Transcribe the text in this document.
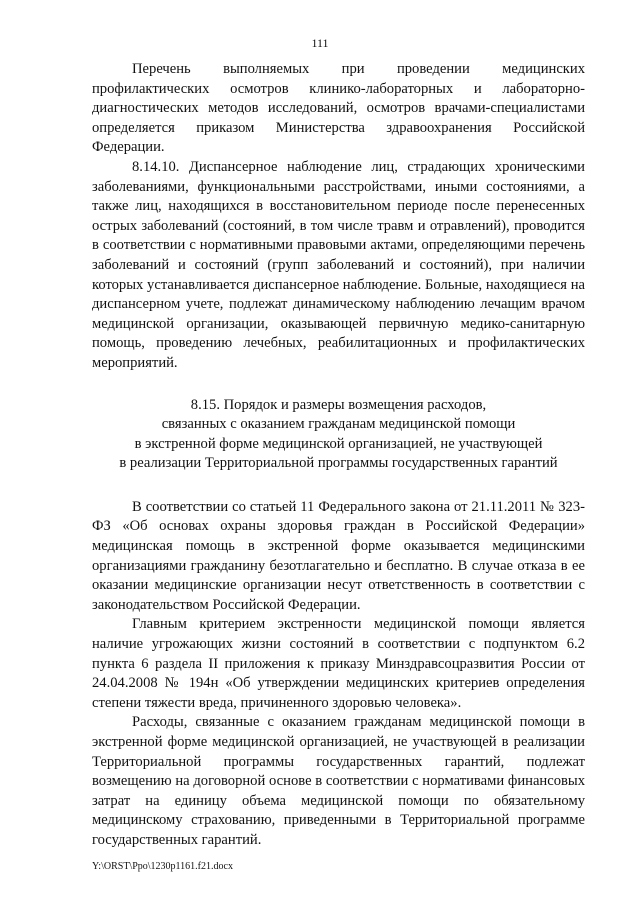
111

Перечень выполняемых при проведении медицинских профилактических осмотров клинико-лабораторных и лабораторно-диагностических методов исследований, осмотров врачами-специалистами определяется приказом Министерства здравоохранения Российской Федерации.

8.14.10. Диспансерное наблюдение лиц, страдающих хроническими заболеваниями, функциональными расстройствами, иными состояниями, а также лиц, находящихся в восстановительном периоде после перенесенных острых заболеваний (состояний, в том числе травм и отравлений), проводится в соответствии с нормативными правовыми актами, определяющими перечень заболеваний и состояний (групп заболеваний и состояний), при наличии которых устанавливается диспансерное наблюдение. Больные, находящиеся на диспансерном учете, подлежат динамическому наблюдению лечащим врачом медицинской организации, оказывающей первичную медико-санитарную помощь, проведению лечебных, реабилитационных и профилактических мероприятий.

8.15. Порядок и размеры возмещения расходов,
связанных с оказанием гражданам медицинской помощи
в экстренной форме медицинской организацией, не участвующей
в реализации Территориальной программы государственных гарантий

В соответствии со статьей 11 Федерального закона от 21.11.2011 № 323-ФЗ «Об основах охраны здоровья граждан в Российской Федерации» медицинская помощь в экстренной форме оказывается медицинскими организациями гражданину безотлагательно и бесплатно. В случае отказа в ее оказании медицинские организации несут ответственность в соответствии с законодательством Российской Федерации.

Главным критерием экстренности медицинской помощи является наличие угрожающих жизни состояний в соответствии с подпунктом 6.2 пункта 6 раздела II приложения к приказу Минздравсоцразвития России от 24.04.2008 № 194н «Об утверждении медицинских критериев определения степени тяжести вреда, причиненного здоровью человека».

Расходы, связанные с оказанием гражданам медицинской помощи в экстренной форме медицинской организацией, не участвующей в реализации Территориальной программы государственных гарантий, подлежат возмещению на договорной основе в соответствии с нормативами финансовых затрат на единицу объема медицинской помощи по обязательному медицинскому страхованию, приведенными в Территориальной программе государственных гарантий.

Y:\ORST\Ppo\1230p1161.f21.docx
